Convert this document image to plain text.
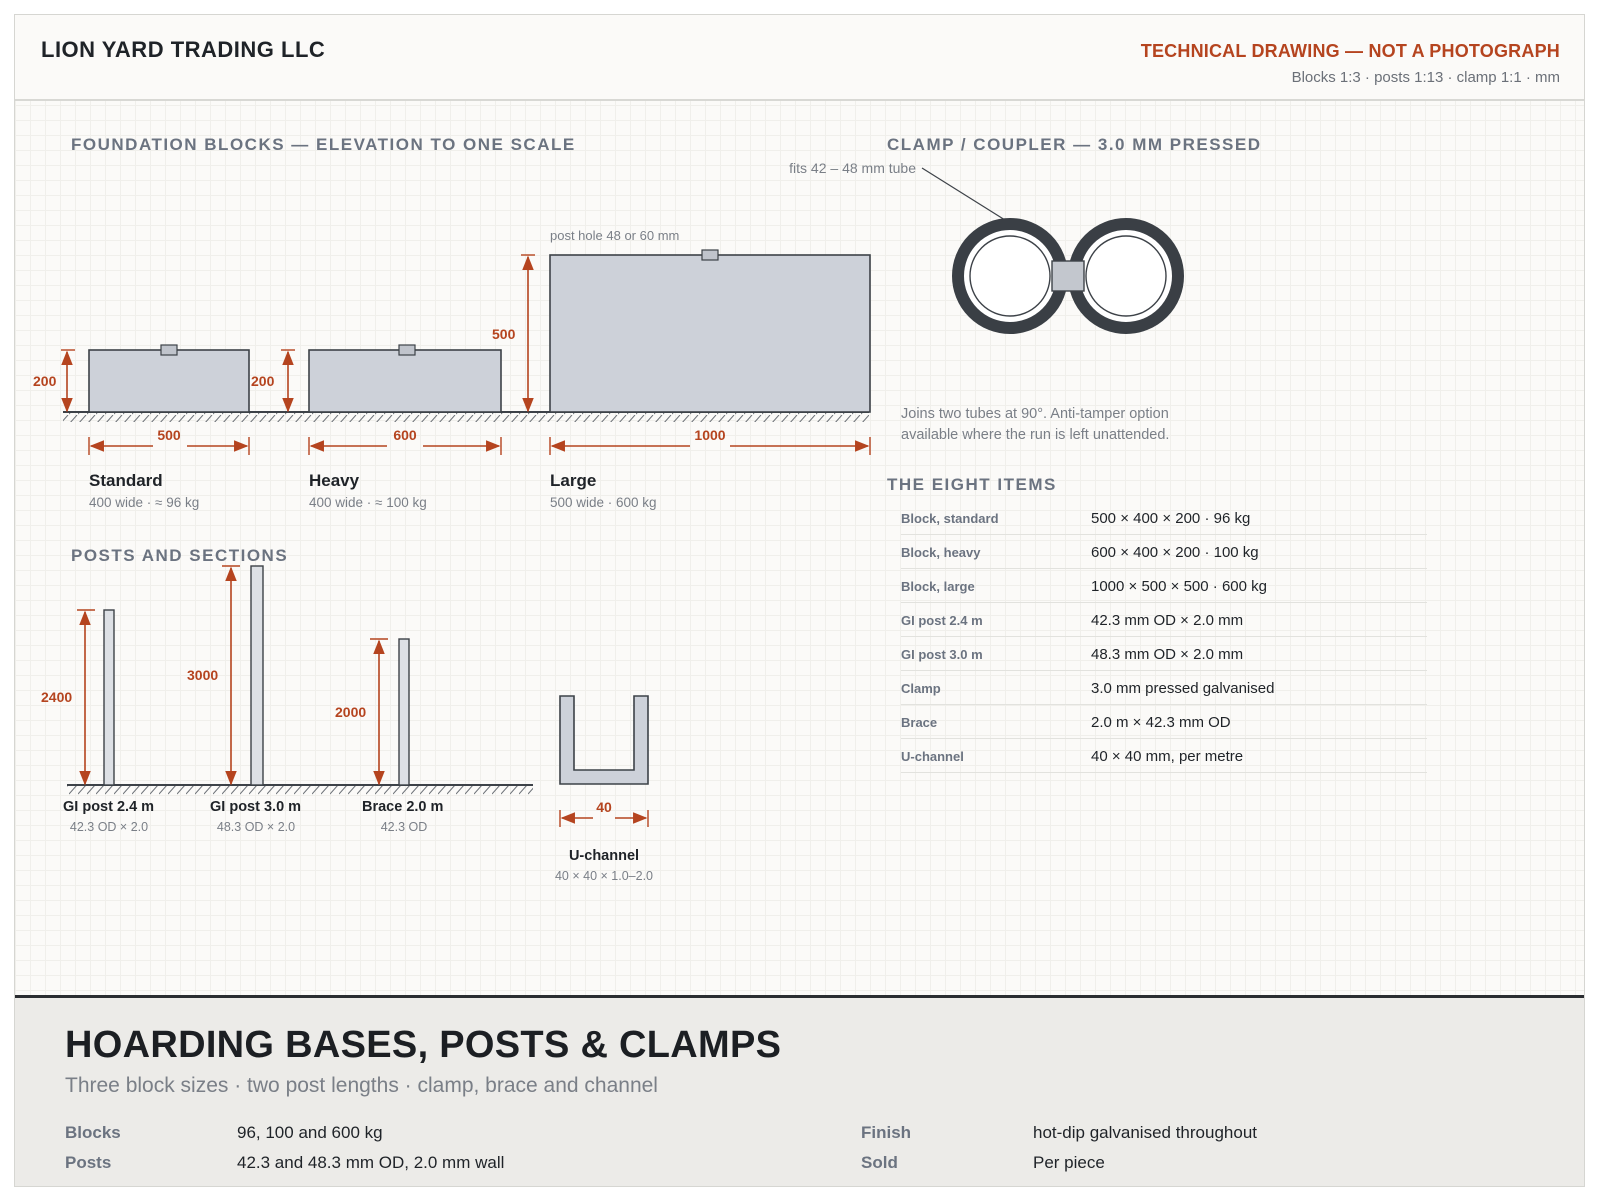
LION YARD TRADING LLC	TECHNICAL DRAWING — NOT A PHOTOGRAPH
Blocks 1:3 · posts 1:13 · clamp 1:1 · mm
FOUNDATION BLOCKS — ELEVATION TO ONE SCALE
POSTS AND SECTIONS
CLAMP / COUPLER — 3.0 MM PRESSED
THE EIGHT ITEMS
200
500
Standard
400 wide · ≈ 96 kg
200
600
Heavy
400 wide · ≈ 100 kg
post hole 48 or 60 mm
500
1000
Large
500 wide · 600 kg
2400
GI post 2.4 m
42.3 OD × 2.0
3000
GI post 3.0 m
48.3 OD × 2.0
2000
Brace 2.0 m
42.3 OD
40
U-channel
40 × 40 × 1.0–2.0
fits 42 – 48 mm tube
Joins two tubes at 90°. Anti-tamper option available where the run is left unattended.
Block, standard	500 × 400 × 200 · 96 kg
Block, heavy	600 × 400 × 200 · 100 kg
Block, large	1000 × 500 × 500 · 600 kg
GI post 2.4 m	42.3 mm OD × 2.0 mm
GI post 3.0 m	48.3 mm OD × 2.0 mm
Clamp	3.0 mm pressed galvanised
Brace	2.0 m × 42.3 mm OD
U-channel	40 × 40 mm, per metre
HOARDING BASES, POSTS & CLAMPS
Three block sizes · two post lengths · clamp, brace and channel
Blocks	96, 100 and 600 kg
Posts	42.3 and 48.3 mm OD, 2.0 mm wall
Finish	hot-dip galvanised throughout
Sold	Per piece
